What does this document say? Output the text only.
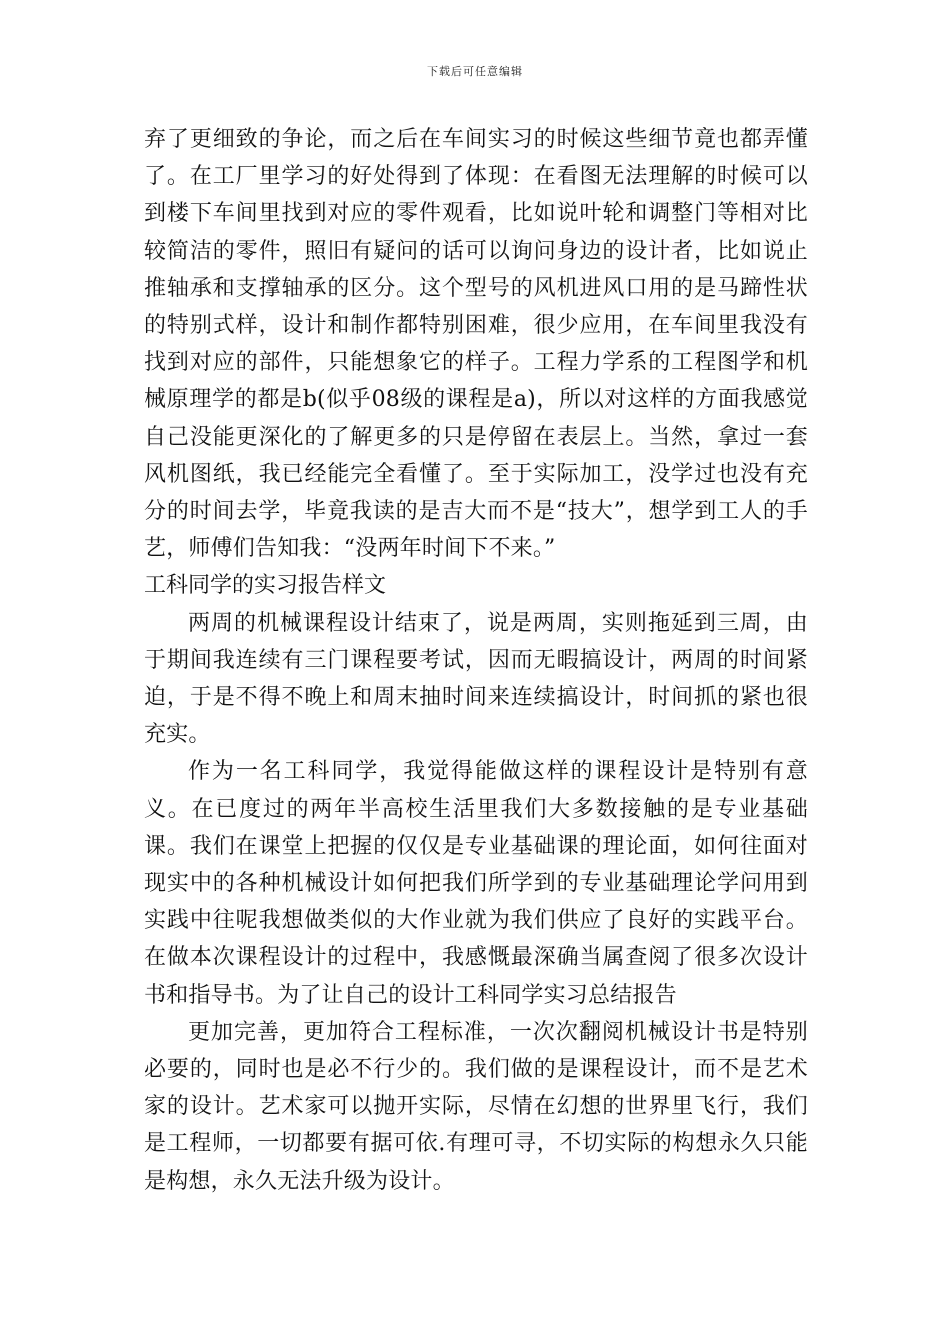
下载后可任意编辑

弃了更细致的争论，而之后在车间实习的时候这些细节竟也都弄懂了。在工厂里学习的好处得到了体现：在看图无法理解的时候可以到楼下车间里找到对应的零件观看，比如说叶轮和调整门等相对比较简洁的零件，照旧有疑问的话可以询问身边的设计者，比如说止推轴承和支撑轴承的区分。这个型号的风机进风口用的是马蹄性状的特别式样，设计和制作都特别困难，很少应用，在车间里我没有找到对应的部件，只能想象它的样子。工程力学系的工程图学和机械原理学的都是b(似乎08级的课程是a)，所以对这样的方面我感觉自己没能更深化的了解更多的只是停留在表层上。当然，拿过一套风机图纸，我已经能完全看懂了。至于实际加工，没学过也没有充分的时间去学，毕竟我读的是吉大而不是“技大”，想学到工人的手艺，师傅们告知我：“没两年时间下不来。”

工科同学的实习报告样文

两周的机械课程设计结束了，说是两周，实则拖延到三周，由于期间我连续有三门课程要考试，因而无暇搞设计，两周的时间紧迫，于是不得不晚上和周末抽时间来连续搞设计，时间抓的紧也很充实。

作为一名工科同学，我觉得能做这样的课程设计是特别有意义。在已度过的两年半高校生活里我们大多数接触的是专业基础课。我们在课堂上把握的仅仅是专业基础课的理论面，如何往面对现实中的各种机械设计如何把我们所学到的专业基础理论学问用到实践中往呢我想做类似的大作业就为我们供应了良好的实践平台。在做本次课程设计的过程中，我感慨最深确当属查阅了很多次设计书和指导书。为了让自己的设计工科同学实习总结报告

更加完善，更加符合工程标准，一次次翻阅机械设计书是特别必要的，同时也是必不行少的。我们做的是课程设计，而不是艺术家的设计。艺术家可以抛开实际，尽情在幻想的世界里飞行，我们是工程师，一切都要有据可依.有理可寻，不切实际的构想永久只能是构想，永久无法升级为设计。
